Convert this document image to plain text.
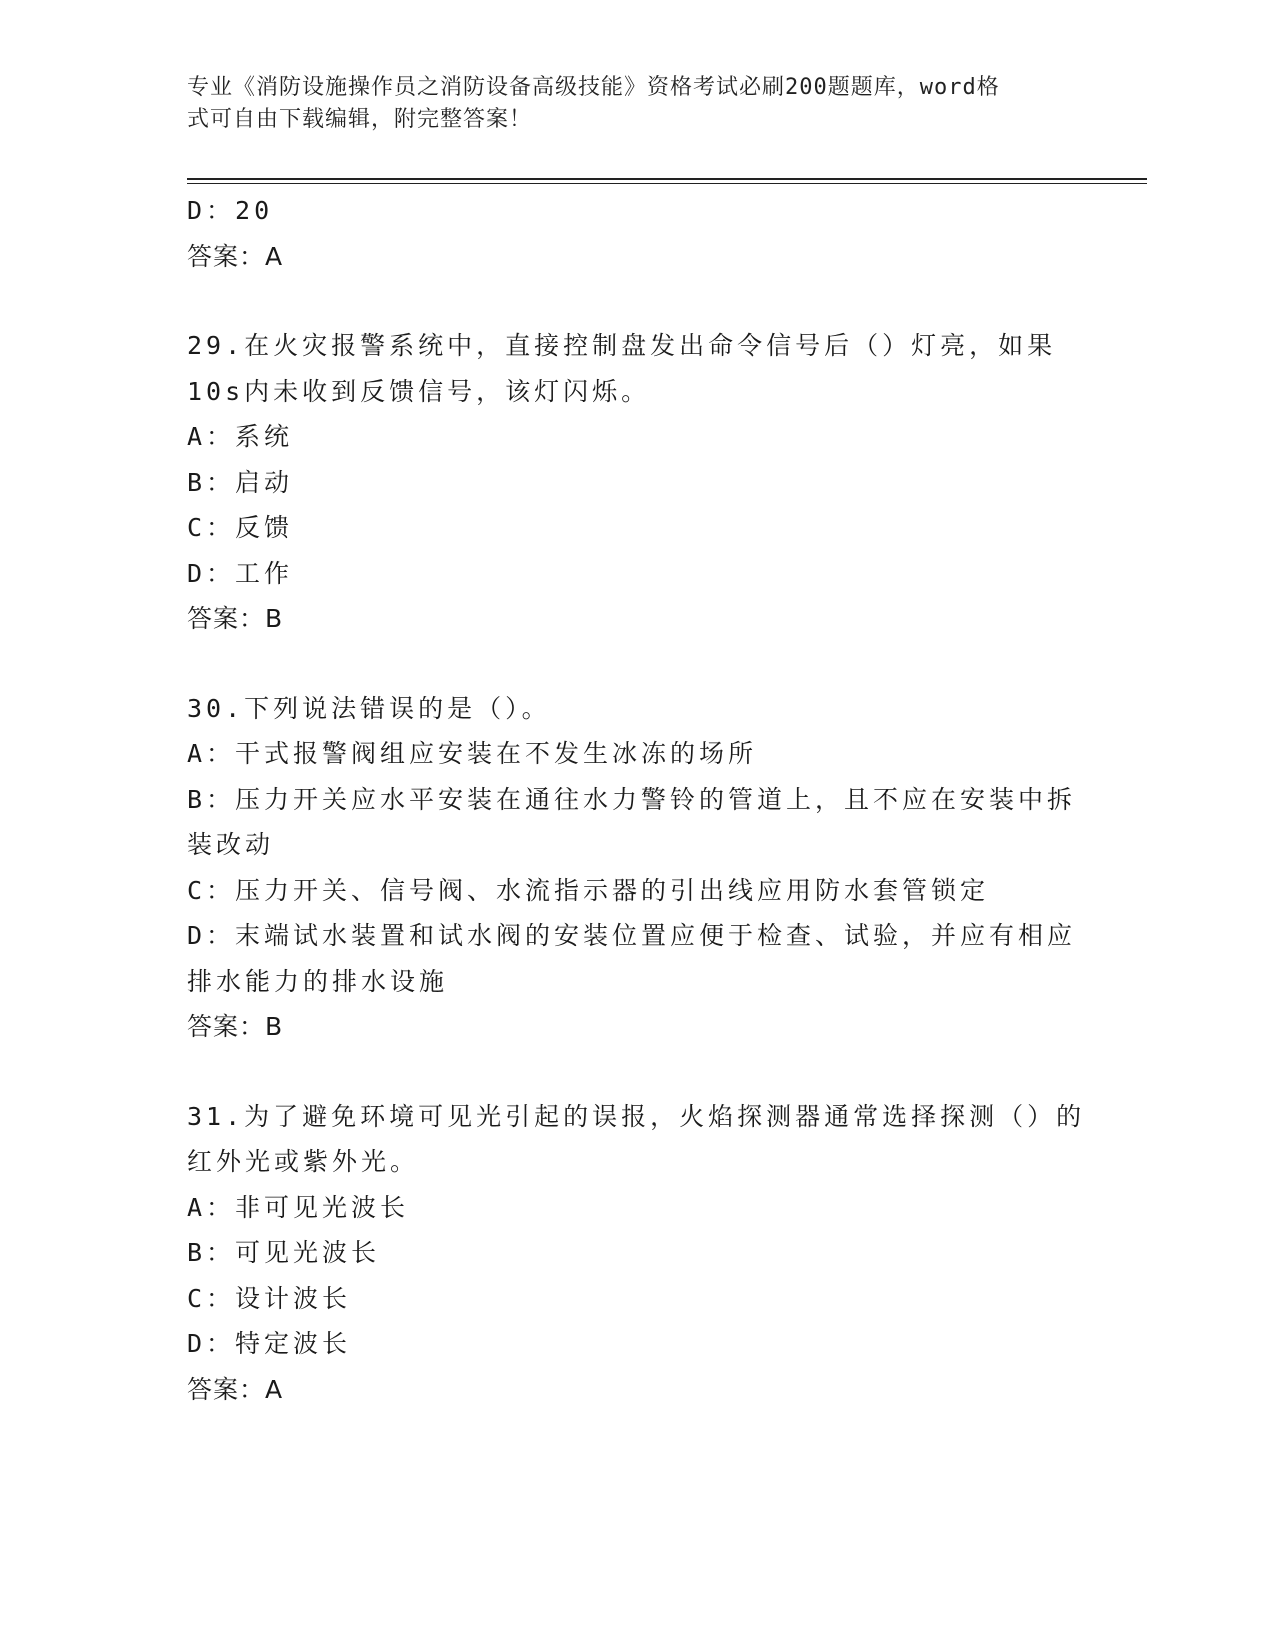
专业《消防设施操作员之消防设备高级技能》资格考试必刷200题题库，word格
式可自由下载编辑，附完整答案！
D：20
答案：A
29.在火灾报警系统中，直接控制盘发出命令信号后（）灯亮，如果
10s内未收到反馈信号，该灯闪烁。
A：系统
B：启动
C：反馈
D：工作
答案：B
30.下列说法错误的是（）。
A：干式报警阀组应安装在不发生冰冻的场所
B：压力开关应水平安装在通往水力警铃的管道上，且不应在安装中拆
装改动
C：压力开关、信号阀、水流指示器的引出线应用防水套管锁定
D：末端试水装置和试水阀的安装位置应便于检查、试验，并应有相应
排水能力的排水设施
答案：B
31.为了避免环境可见光引起的误报，火焰探测器通常选择探测（）的
红外光或紫外光。
A：非可见光波长
B：可见光波长
C：设计波长
D：特定波长
答案：A
